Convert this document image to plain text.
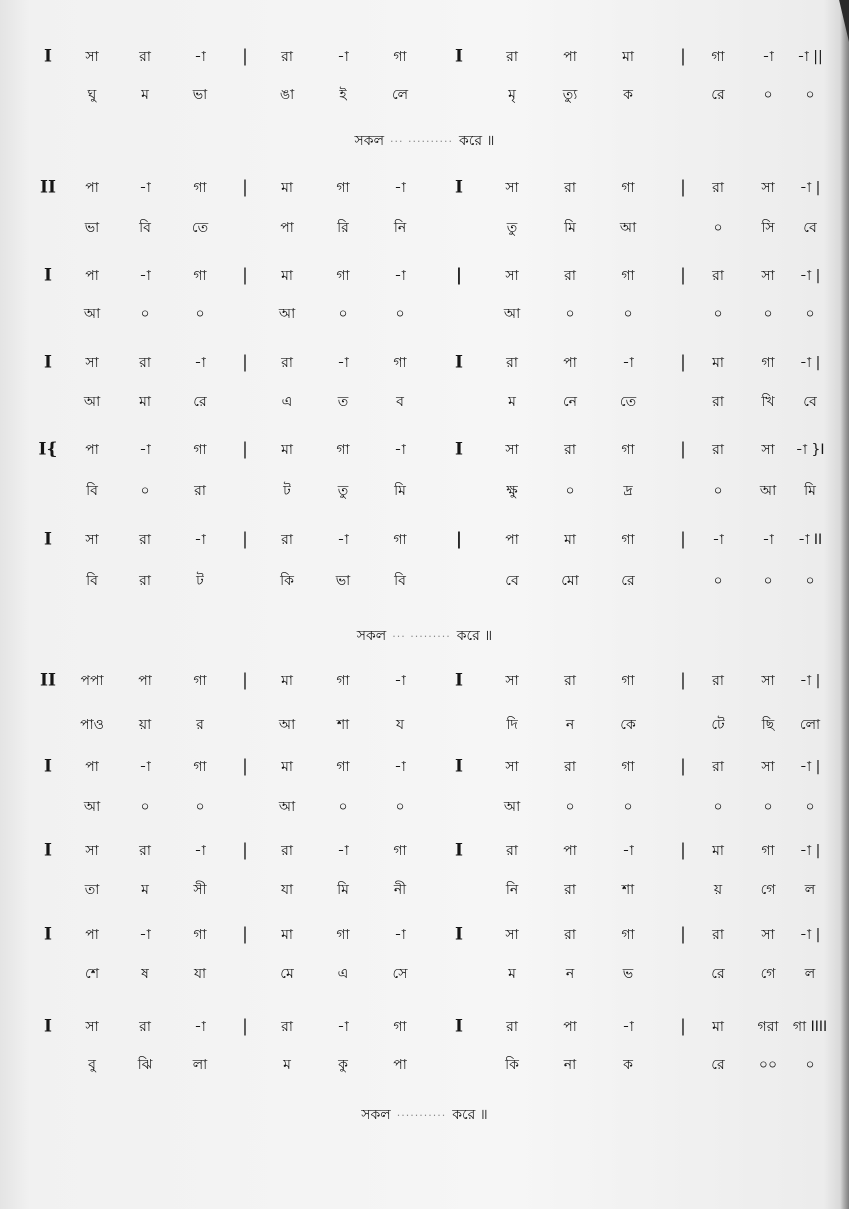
I সা	রা	-া | রা	-া	গা	I	রা	পা	মা	| গা	-া -া ||
ঘু	ম	ভা	ঙা	ই	লে	মৃ	ত্যু	ক	রে	০ ০
সকল ··· ·········· করে ॥
II পা	-া	গা | মা	গা	-া	I	সা	রা	গা	| রা	সা -া |
ভা	বি	তে	পা	রি	নি	তু	মি	আ	০	সি বে
I পা	-া	গা | মা	গা	-া	|	সা	রা	গা	| রা	সা -া |
আ	০	০	আ	০	০	আ	০	০	০	০ ০
I সা	রা	-া | রা	-া	গা	I	রা	পা	-া	| মা	গা -া |
আ	মা	রে	এ	ত	ব	ম	নে	তে	রা	খি বে
I{ পা	-া	গা | মা	গা	-া	I	সা	রা	গা	| রা	সা -া }I
বি	০	রা	ট	তু	মি	ক্ষু	০	দ্র	০	আ মি
I সা	রা	-া | রা	-া	গা	|	পা	মা	গা	| -া	-া -া II
বি	রা	ট	কি	ভা	বি	বে	মো	রে	০	০ ০
সকল ··· ········· করে ॥
II পপা পা	গা | মা	গা	-া	I	সা	রা	গা	| রা	সা -া |
পাও য়া	র	আ	শা	য	দি	ন	কে	টে	ছি লো
I পা	-া	গা | মা	গা	-া	I	সা	রা	গা	| রা	সা -া |
আ	০	০	আ	০	০	আ	০	০	০	০ ০
I সা	রা	-া | রা	-া	গা	I	রা	পা	-া	| মা	গা -া |
তা	ম	সী	যা	মি	নী	নি	রা	শা	য়	গে ল
I পা	-া	গা | মা	গা	-া	I	সা	রা	গা	| রা	সা -া |
শে	ষ	যা	মে	এ	সে	ম	ন	ভ	রে	গে ল
I সা	রা	-া | রা	-া	গা	I	রা	পা	-া	| মা গরা গা IIII
বু	ঝি	লা	ম	কু	পা	কি	না	ক	রে ০০ ০
সকল ··········· করে ॥
